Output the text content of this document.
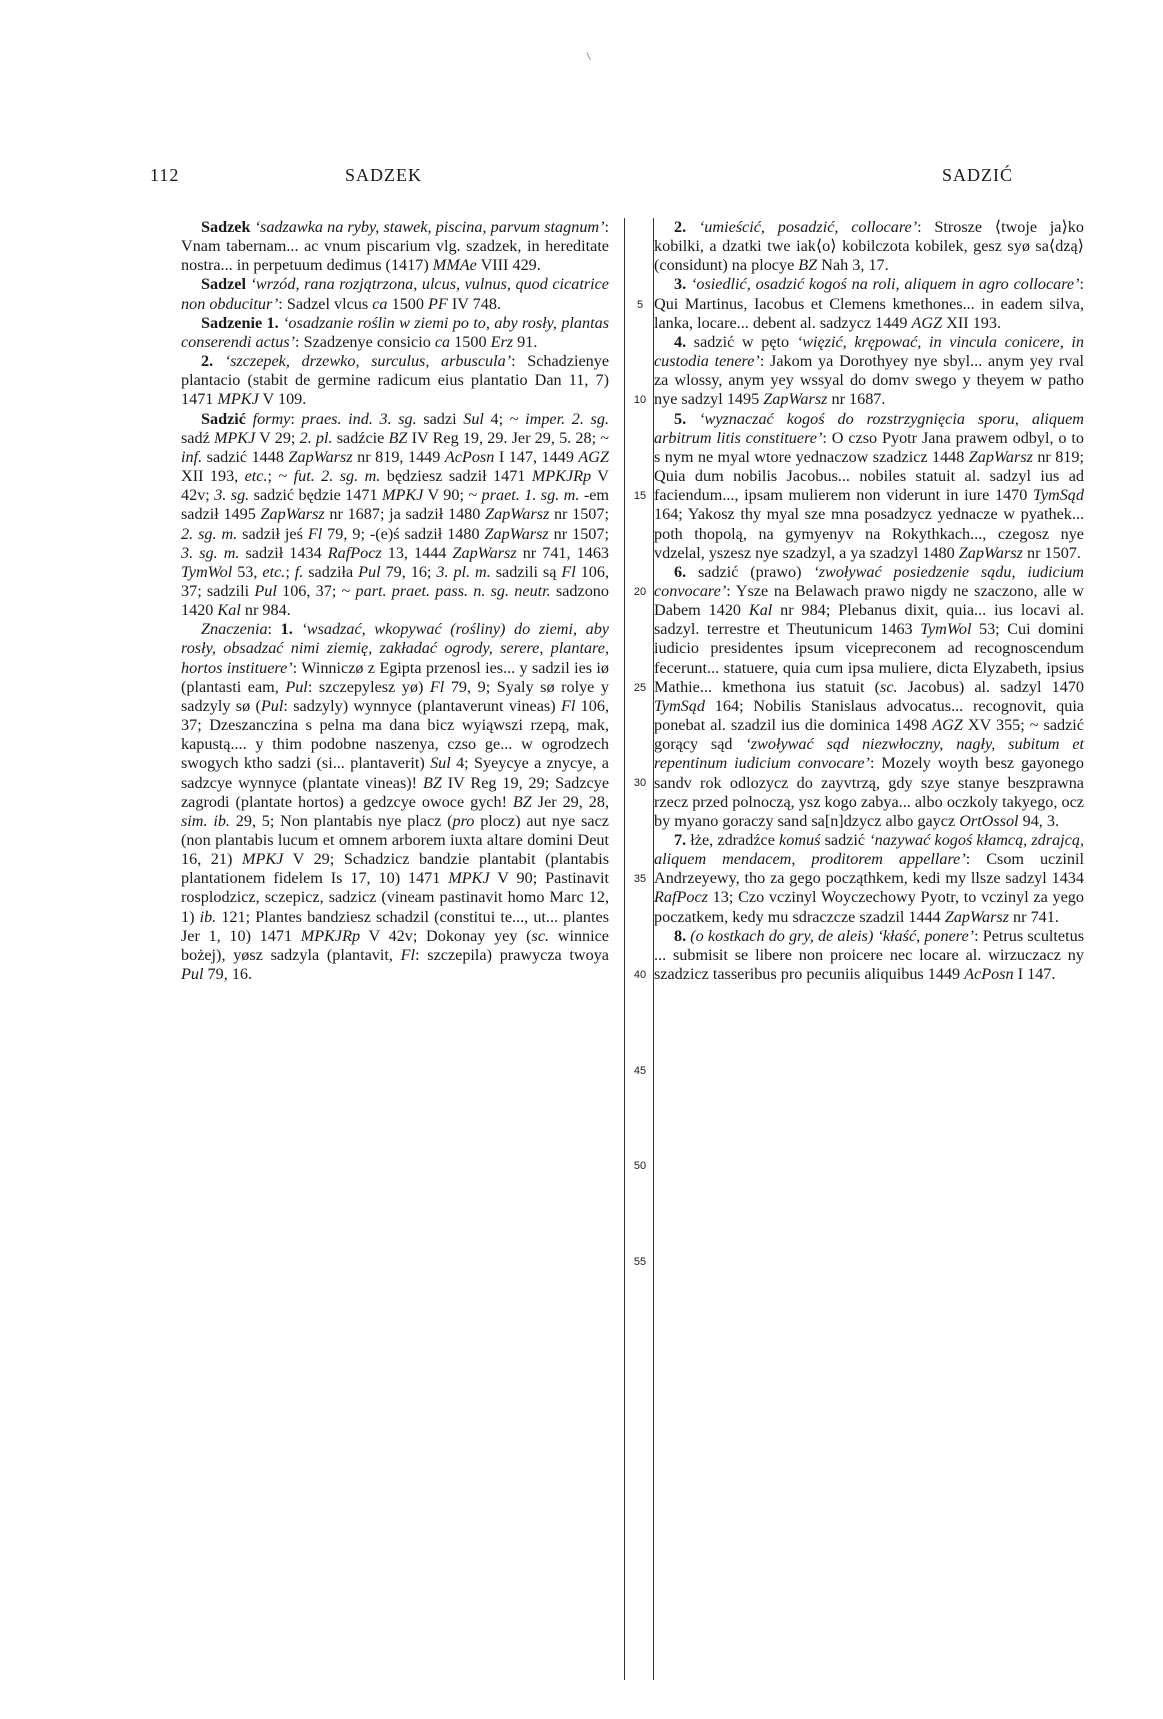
112	SADZEK	SADZIĆ

Sadzek ‘sadzawka na ryby, stawek, piscina, parvum stagnum’: Vnam tabernam... ac vnum piscarium vlg. szadzek, in hereditate nostra... in perpetuum dedimus (1417) MMAe VIII 429.

Sadzel ‘wrzód, rana rozjątrzona, ulcus, vulnus, quod cicatrice non obducitur’: Sadzel vlcus ca 1500 PF IV 748.

Sadzenie 1. ‘osadzanie roślin w ziemi po to, aby rosły, plantas conserendi actus’: Szadzenye consicio ca 1500 Erz 91.

2. ‘szczepek, drzewko, surculus, arbuscula’: Schadzienye plantacio (stabit de germine radicum eius plantatio Dan 11, 7) 1471 MPKJ V 109.

Sadzić formy: praes. ind. 3. sg. sadzi Sul 4; ~ imper. 2. sg. sadź MPKJ V 29; 2. pl. sadźcie BZ IV Reg 19, 29. Jer 29, 5. 28; ~ inf. sadzić 1448 ZapWarsz nr 819, 1449 AcPosn I 147, 1449 AGZ XII 193, etc.; ~ fut. 2. sg. m. będziesz sadził 1471 MPKJRp V 42v; 3. sg. sadzić będzie 1471 MPKJ V 90; ~ praet. 1. sg. m. -em sadził 1495 ZapWarsz nr 1687; ja sadził 1480 ZapWarsz nr 1507; 2. sg. m. sadził jeś Fl 79, 9; -(e)ś sadził 1480 ZapWarsz nr 1507; 3. sg. m. sadził 1434 RafPocz 13, 1444 ZapWarsz nr 741, 1463 TymWol 53, etc.; f. sadziła Pul 79, 16; 3. pl. m. sadzili są Fl 106, 37; sadzili Pul 106, 37; ~ part. praet. pass. n. sg. neutr. sadzono 1420 Kal nr 984.

Znaczenia: 1. ‘wsadzać, wkopywać (rośliny) do ziemi, aby rosły, obsadzać nimi ziemię, zakładać ogrody, serere, plantare, hortos instituere’: Winniczø z Egipta przenosl ies... y sadzil ies iø (plantasti eam, Pul: szczepylesz yø) Fl 79, 9; Syaly sø rolye y sadzyly sø (Pul: sadzyly) wynnyce (plantaverunt vineas) Fl 106, 37; Dzeszanczina s pelna ma dana bicz wyiąwszi rzepą, mak, kapustą.... y thim podobne naszenya, czso ge... w ogrodzech swogych ktho sadzi (si... plantaverit) Sul 4; Syeycye a znycye, a sadzcye wynnyce (plantate vineas)! BZ IV Reg 19, 29; Sadzcye zagrodi (plantate hortos) a gedzcye owoce gych! BZ Jer 29, 28, sim. ib. 29, 5; Non plantabis nye placz (pro plocz) aut nye sacz (non plantabis lucum et omnem arborem iuxta altare domini Deut 16, 21) MPKJ V 29; Schadzicz bandzie plantabit (plantabis plantationem fidelem Is 17, 10) 1471 MPKJ V 90; Pastinavit rosplodzicz, sczepicz, sadzicz (vineam pastinavit homo Marc 12, 1) ib. 121; Plantes bandziesz schadzil (constitui te..., ut... plantes Jer 1, 10) 1471 MPKJRp V 42v; Dokonay yey (sc. winnice bożej), yøsz sadzyla (plantavit, Fl: szczepila) prawycza twoya Pul 79, 16.

5
10
15
20
25
30
35
40
45
50
55

2. ‘umieścić, posadzić, collocare’: Strosze ⟨twoje ja⟩ko kobilki, a dzatki twe iak⟨o⟩ kobilczota kobilek, gesz syø sa⟨dzą⟩ (considunt) na plocye BZ Nah 3, 17.

3. ‘osiedlić, osadzić kogoś na roli, aliquem in agro collocare’: Qui Martinus, Iacobus et Clemens kmethones... in eadem silva, lanka, locare... debent al. sadzycz 1449 AGZ XII 193.

4. sadzić w pęto ‘więzić, krępować, in vincula conicere, in custodia tenere’: Jakom ya Dorothyey nye sbyl... anym yey rval za wlossy, anym yey wssyal do domv swego y theyem w patho nye sadzyl 1495 ZapWarsz nr 1687.

5. ‘wyznaczać kogoś do rozstrzygnięcia sporu, aliquem arbitrum litis constituere’: O czso Pyotr Jana prawem odbyl, o to s nym ne myal wtore yednaczow szadzicz 1448 ZapWarsz nr 819; Quia dum nobilis Jacobus... nobiles statuit al. sadzyl ius ad faciendum..., ipsam mulierem non viderunt in iure 1470 TymSąd 164; Yakosz thy myal sze mna posadzycz yednacze w pyathek... poth thopolą, na gymyenyv na Rokythkach..., czegosz nye vdzelal, yszesz nye szadzyl, a ya szadzyl 1480 ZapWarsz nr 1507.

6. sadzić (prawo) ‘zwoływać posiedzenie sądu, iudicium convocare’: Ysze na Belawach prawo nigdy ne szaczono, alle w Dabem 1420 Kal nr 984; Plebanus dixit, quia... ius locavi al. sadzyl. terrestre et Theutunicum 1463 TymWol 53; Cui domini iudicio presidentes ipsum vicepreconem ad recognoscendum fecerunt... statuere, quia cum ipsa muliere, dicta Elyzabeth, ipsius Mathie... kmethona ius statuit (sc. Jacobus) al. sadzyl 1470 TymSąd 164; Nobilis Stanislaus advocatus... recognovit, quia ponebat al. szadzil ius die dominica 1498 AGZ XV 355; ~ sadzić gorący sąd ‘zwoływać sąd niezwłoczny, nagły, subitum et repentinum iudicium convocare’: Mozely woyth besz gayonego sandv rok odlozycz do zayvtrzą, gdy szye stanye beszprawna rzecz przed polnoczą, ysz kogo zabya... albo oczkoly takyego, ocz by myano goraczy sand sa[n]dzycz albo gaycz OrtOssol 94, 3.

7. łże, zdradźce komuś sadzić ‘nazywać kogoś kłamcą, zdrajcą, aliquem mendacem, proditorem appellare’: Csom uczinil Andrzeyewy, tho za gego począthkem, kedi my llsze sadzyl 1434 RafPocz 13; Czo vczinyl Woyczechowy Pyotr, to vczinyl za yego poczatkem, kedy mu sdraczcze szadzil 1444 ZapWarsz nr 741.

8. (o kostkach do gry, de aleis) ‘kłaść, ponere’: Petrus scultetus ... submisit se libere non proicere nec locare al. wirzuczacz ny szadzicz tasseribus pro pecuniis aliquibus 1449 AcPosn I 147.
